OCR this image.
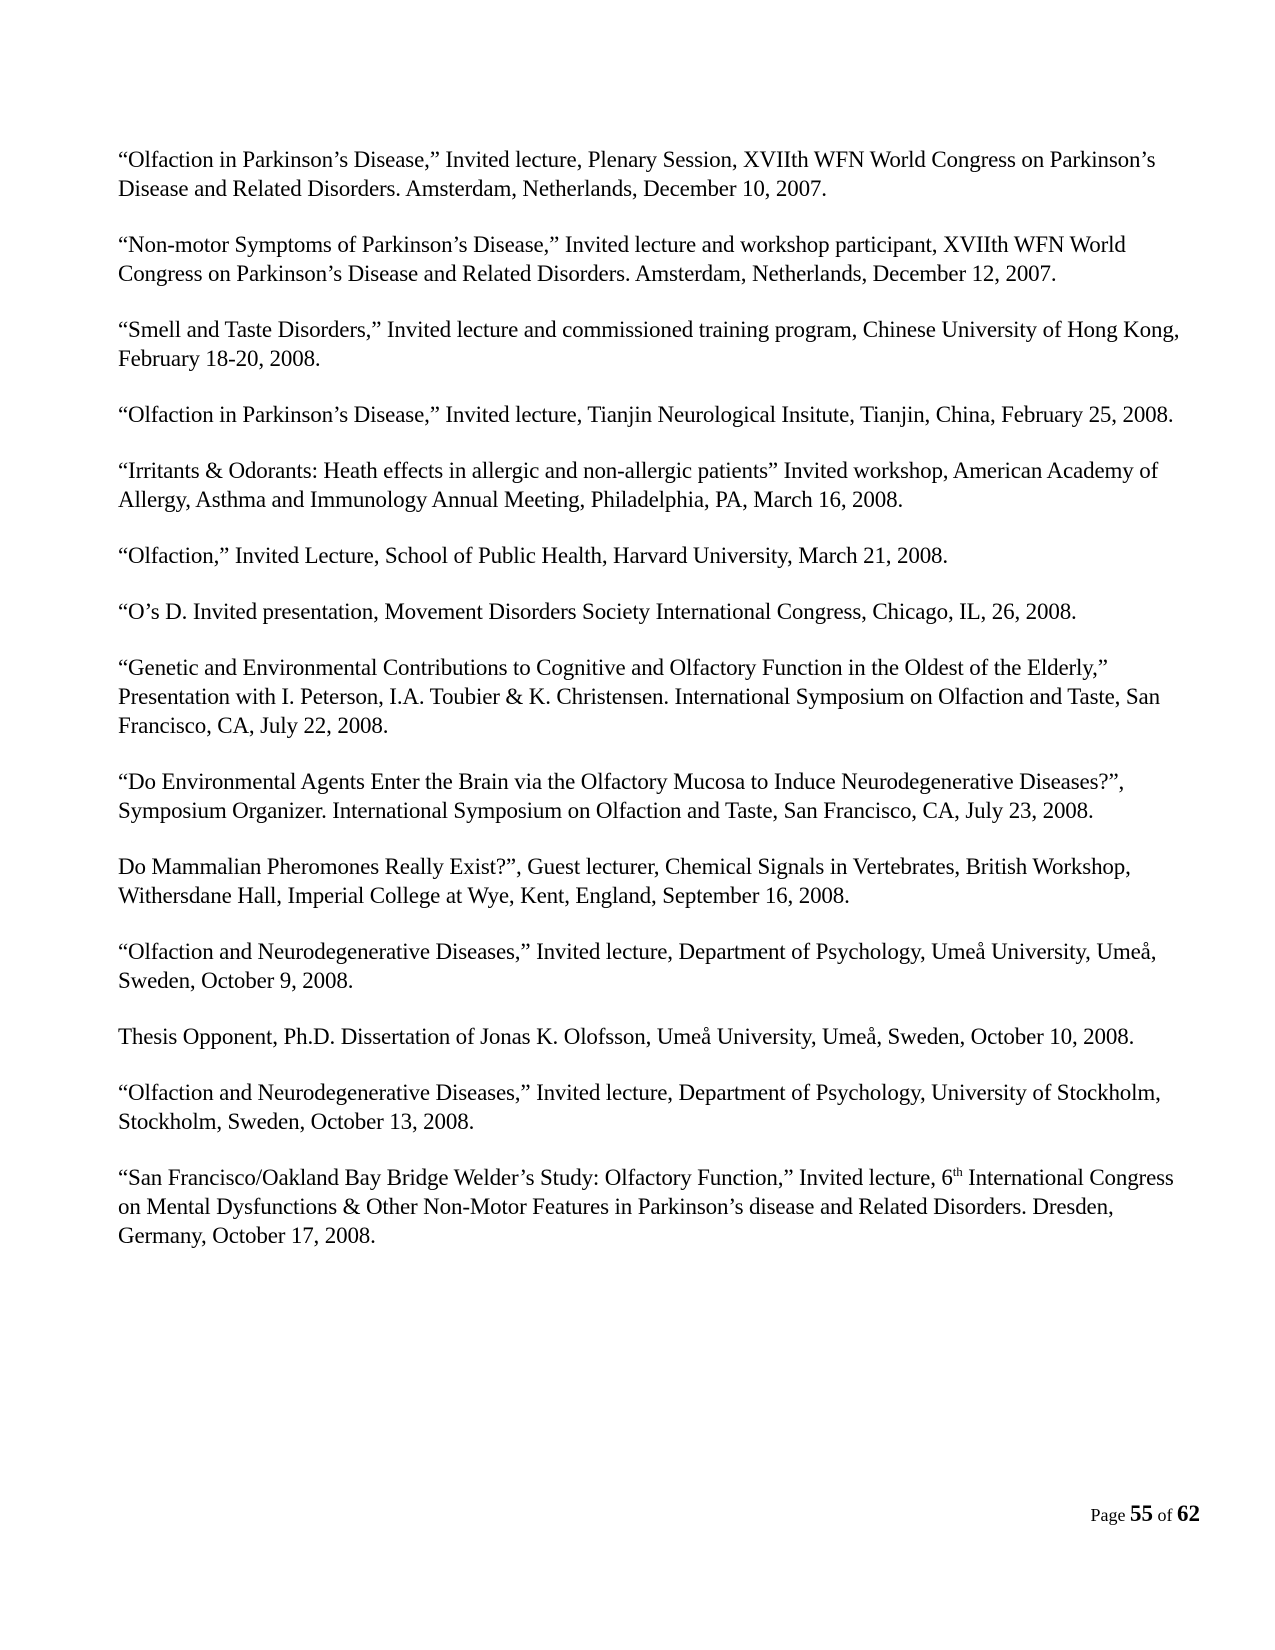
“Olfaction in Parkinson’s Disease,” Invited lecture, Plenary Session, XVIIth WFN World Congress on Parkinson’s Disease and Related Disorders. Amsterdam, Netherlands, December 10, 2007.

“Non-motor Symptoms of Parkinson’s Disease,” Invited lecture and workshop participant, XVIIth WFN World Congress on Parkinson’s Disease and Related Disorders. Amsterdam, Netherlands, December 12, 2007.

“Smell and Taste Disorders,” Invited lecture and commissioned training program, Chinese University of Hong Kong, February 18-20, 2008.

“Olfaction in Parkinson’s Disease,” Invited lecture, Tianjin Neurological Insitute, Tianjin, China, February 25, 2008.

“Irritants & Odorants: Heath effects in allergic and non-allergic patients” Invited workshop, American Academy of Allergy, Asthma and Immunology Annual Meeting, Philadelphia, PA, March 16, 2008.

“Olfaction,” Invited Lecture, School of Public Health, Harvard University, March 21, 2008.

“O’s D. Invited presentation, Movement Disorders Society International Congress, Chicago, IL, 26, 2008.

“Genetic and Environmental Contributions to Cognitive and Olfactory Function in the Oldest of the Elderly,” Presentation with I. Peterson, I.A. Toubier & K. Christensen. International Symposium on Olfaction and Taste, San Francisco, CA, July 22, 2008.

“Do Environmental Agents Enter the Brain via the Olfactory Mucosa to Induce Neurodegenerative Diseases?”, Symposium Organizer. International Symposium on Olfaction and Taste, San Francisco, CA, July 23, 2008.

Do Mammalian Pheromones Really Exist?”, Guest lecturer, Chemical Signals in Vertebrates, British Workshop, Withersdane Hall, Imperial College at Wye, Kent, England, September 16, 2008.

“Olfaction and Neurodegenerative Diseases,” Invited lecture, Department of Psychology, Umeå University, Umeå, Sweden, October 9, 2008.

Thesis Opponent, Ph.D. Dissertation of Jonas K. Olofsson, Umeå University, Umeå, Sweden, October 10, 2008.

“Olfaction and Neurodegenerative Diseases,” Invited lecture, Department of Psychology, University of Stockholm, Stockholm, Sweden, October 13, 2008.

“San Francisco/Oakland Bay Bridge Welder’s Study: Olfactory Function,” Invited lecture, 6th International Congress on Mental Dysfunctions & Other Non-Motor Features in Parkinson’s disease and Related Disorders. Dresden, Germany, October 17, 2008.

Page 55 of 62
